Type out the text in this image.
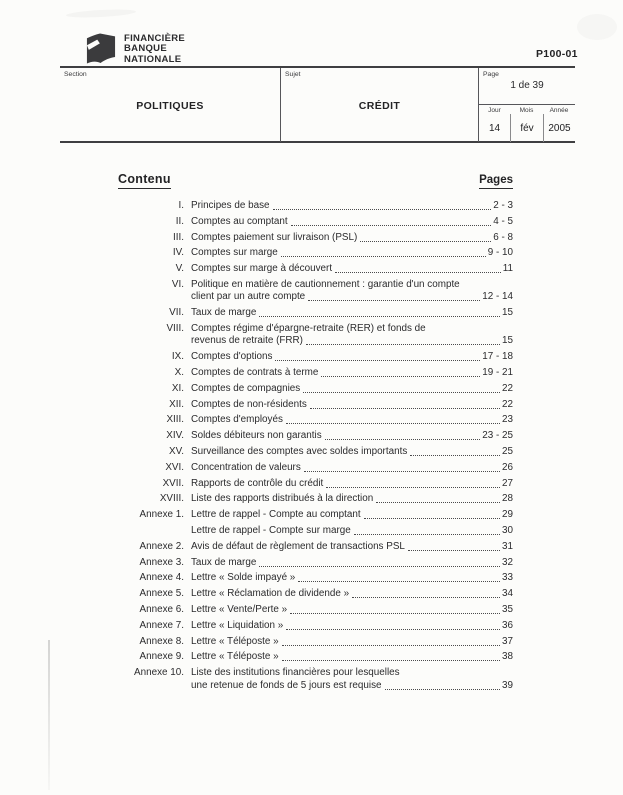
FINANCIÈRE
BANQUE
NATIONALE	P100-01
Section
POLITIQUES
Sujet
CRÉDIT
Page
1 de 39
Jour	Mois	Année
14	fév	2005
Contenu	Pages
I. Principes de base	2 - 3
II. Comptes au comptant	4 - 5
III. Comptes paiement sur livraison (PSL)	6 - 8
IV. Comptes sur marge	9 - 10
V. Comptes sur marge à découvert	11
VI. Politique en matière de cautionnement : garantie d'un compte
client par un autre compte	12 - 14
VII. Taux de marge	15
VIII. Comptes régime d'épargne-retraite (RER) et fonds de
revenus de retraite (FRR)	15
IX. Comptes d'options	17 - 18
X. Comptes de contrats à terme	19 - 21
XI. Comptes de compagnies	22
XII. Comptes de non-résidents	22
XIII. Comptes d'employés	23
XIV. Soldes débiteurs non garantis	23 - 25
XV. Surveillance des comptes avec soldes importants	25
XVI. Concentration de valeurs	26
XVII. Rapports de contrôle du crédit	27
XVIII. Liste des rapports distribués à la direction	28
Annexe 1. Lettre de rappel - Compte au comptant	29
Lettre de rappel - Compte sur marge	30
Annexe 2. Avis de défaut de règlement de transactions PSL	31
Annexe 3. Taux de marge	32
Annexe 4. Lettre « Solde impayé »	33
Annexe 5. Lettre « Réclamation de dividende »	34
Annexe 6. Lettre « Vente/Perte »	35
Annexe 7. Lettre « Liquidation »	36
Annexe 8. Lettre « Téléposte »	37
Annexe 9. Lettre « Téléposte »	38
Annexe 10. Liste des institutions financières pour lesquelles
une retenue de fonds de 5 jours est requise	39
